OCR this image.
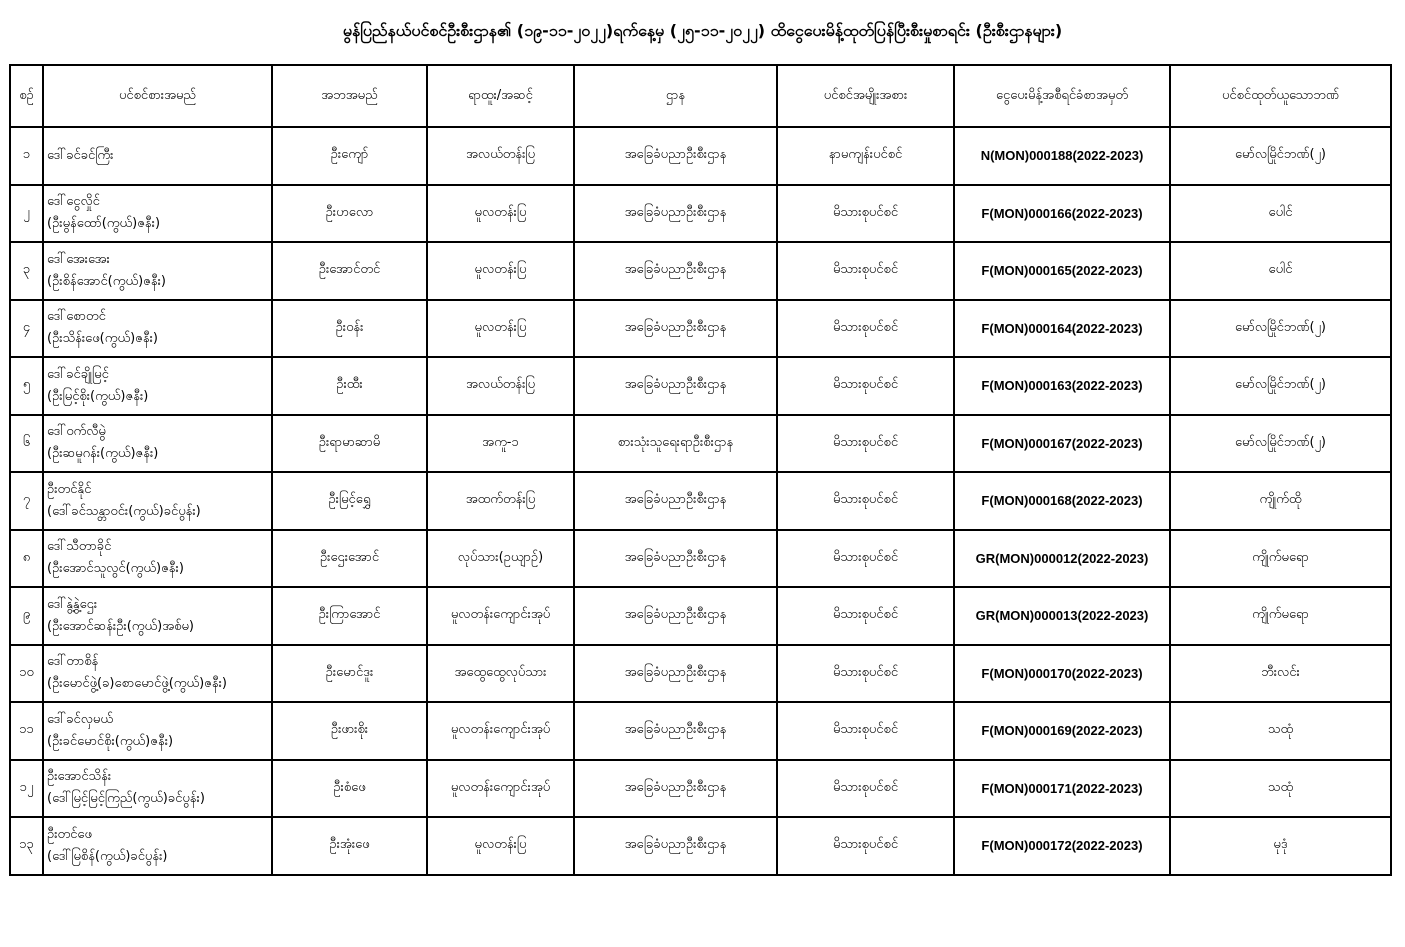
မွန်ပြည်နယ်ပင်စင်ဦးစီးဌာန၏ (၁၉-၁၁-၂၀၂၂)ရက်နေ့မှ (၂၅-၁၁-၂၀၂၂) ထိငွေပေးမိန့်ထုတ်ပြန်ပြီးစီးမှုစာရင်း (ဦးစီးဌာနများ)
စဉ်	ပင်စင်စားအမည်	အဘအမည်	ရာထူး/အဆင့်	ဌာန	ပင်စင်အမျိုးအစား	ငွေပေးမိန့်အစီရင်ခံစာအမှတ်	ပင်စင်ထုတ်ယူသောဘဏ်
၁	ဒေါ်ခင်ခင်ကြီး	ဦးကျော်	အလယ်တန်းပြ	အခြေခံပညာဦးစီးဌာန	နာမကျန်းပင်စင်	N(MON)000188(2022-2023)	မော်လမြိုင်ဘဏ်(၂)
၂	ဒေါ်ငွေလှိုင်
(ဦးမွန်ထော်(ကွယ်)ဇနီး)	ဦးဟလော	မူလတန်းပြ	အခြေခံပညာဦးစီးဌာန	မိသားစုပင်စင်	F(MON)000166(2022-2023)	ပေါင်
၃	ဒေါ်အေးအေး
(ဦးစိန်အောင်(ကွယ်)ဇနီး)	ဦးအောင်တင်	မူလတန်းပြ	အခြေခံပညာဦးစီးဌာန	မိသားစုပင်စင်	F(MON)000165(2022-2023)	ပေါင်
၄	ဒေါ်စောတင်
(ဦးသိန်းဖေ(ကွယ်)ဇနီး)	ဦးဝန်း	မူလတန်းပြ	အခြေခံပညာဦးစီးဌာန	မိသားစုပင်စင်	F(MON)000164(2022-2023)	မော်လမြိုင်ဘဏ်(၂)
၅	ဒေါ်ခင်ချိုမြင့်
(ဦးမြင့်စိုး(ကွယ်)ဇနီး)	ဦးထီး	အလယ်တန်းပြ	အခြေခံပညာဦးစီးဌာန	မိသားစုပင်စင်	F(MON)000163(2022-2023)	မော်လမြိုင်ဘဏ်(၂)
၆	ဒေါ်ဝက်လီမွဲ
(ဦးဆမူဂန်း(ကွယ်)ဇနီး)	ဦးရာမာဆာမိ	အကူ-၁	စားသုံးသူရေးရာဦးစီးဌာန	မိသားစုပင်စင်	F(MON)000167(2022-2023)	မော်လမြိုင်ဘဏ်(၂)
၇	ဦးတင်နိုင်
(ဒေါ်ခင်သန္တာဝင်း(ကွယ်)ခင်ပွန်း)	ဦးမြင့်ရွှေ	အထက်တန်းပြ	အခြေခံပညာဦးစီးဌာန	မိသားစုပင်စင်	F(MON)000168(2022-2023)	ကျိုက်ထို
၈	ဒေါ်သီတာခိုင်
(ဦးအောင်သူလွင်(ကွယ်)ဇနီး)	ဦးဌေးအောင်	လုပ်သား(ဥယျာဉ်)	အခြေခံပညာဦးစီးဌာန	မိသားစုပင်စင်	GR(MON)000012(2022-2023)	ကျိုက်မရော
၉	ဒေါ်နွဲ့နွဲ့ဌေး
(ဦးအောင်ဆန်းဦး(ကွယ်)အစ်မ)	ဦးကြာအောင်	မူလတန်းကျောင်းအုပ်	အခြေခံပညာဦးစီးဌာန	မိသားစုပင်စင်	GR(MON)000013(2022-2023)	ကျိုက်မရော
၁၀	ဒေါ်တာစိန်
(ဦးမောင်ဖွဲ့(ခ)စောမောင်ဖွဲ့(ကွယ်)ဇနီး)	ဦးမောင်ဒူး	အထွေထွေလုပ်သား	အခြေခံပညာဦးစီးဌာန	မိသားစုပင်စင်	F(MON)000170(2022-2023)	ဘီးလင်း
၁၁	ဒေါ်ခင်လှမယ်
(ဦးခင်မောင်စိုး(ကွယ်)ဇနီး)	ဦးဖားစိုး	မူလတန်းကျောင်းအုပ်	အခြေခံပညာဦးစီးဌာန	မိသားစုပင်စင်	F(MON)000169(2022-2023)	သထုံ
၁၂	ဦးအောင်သိန်း
(ဒေါ်မြင့်မြင့်ကြည်(ကွယ်)ခင်ပွန်း)	ဦးစံဖေ	မူလတန်းကျောင်းအုပ်	အခြေခံပညာဦးစီးဌာန	မိသားစုပင်စင်	F(MON)000171(2022-2023)	သထုံ
၁၃	ဦးတင်ဖေ
(ဒေါ်မြစိန်(ကွယ်)ခင်ပွန်း)	ဦးအုံးဖေ	မူလတန်းပြ	အခြေခံပညာဦးစီးဌာန	မိသားစုပင်စင်	F(MON)000172(2022-2023)	မုဒုံ
